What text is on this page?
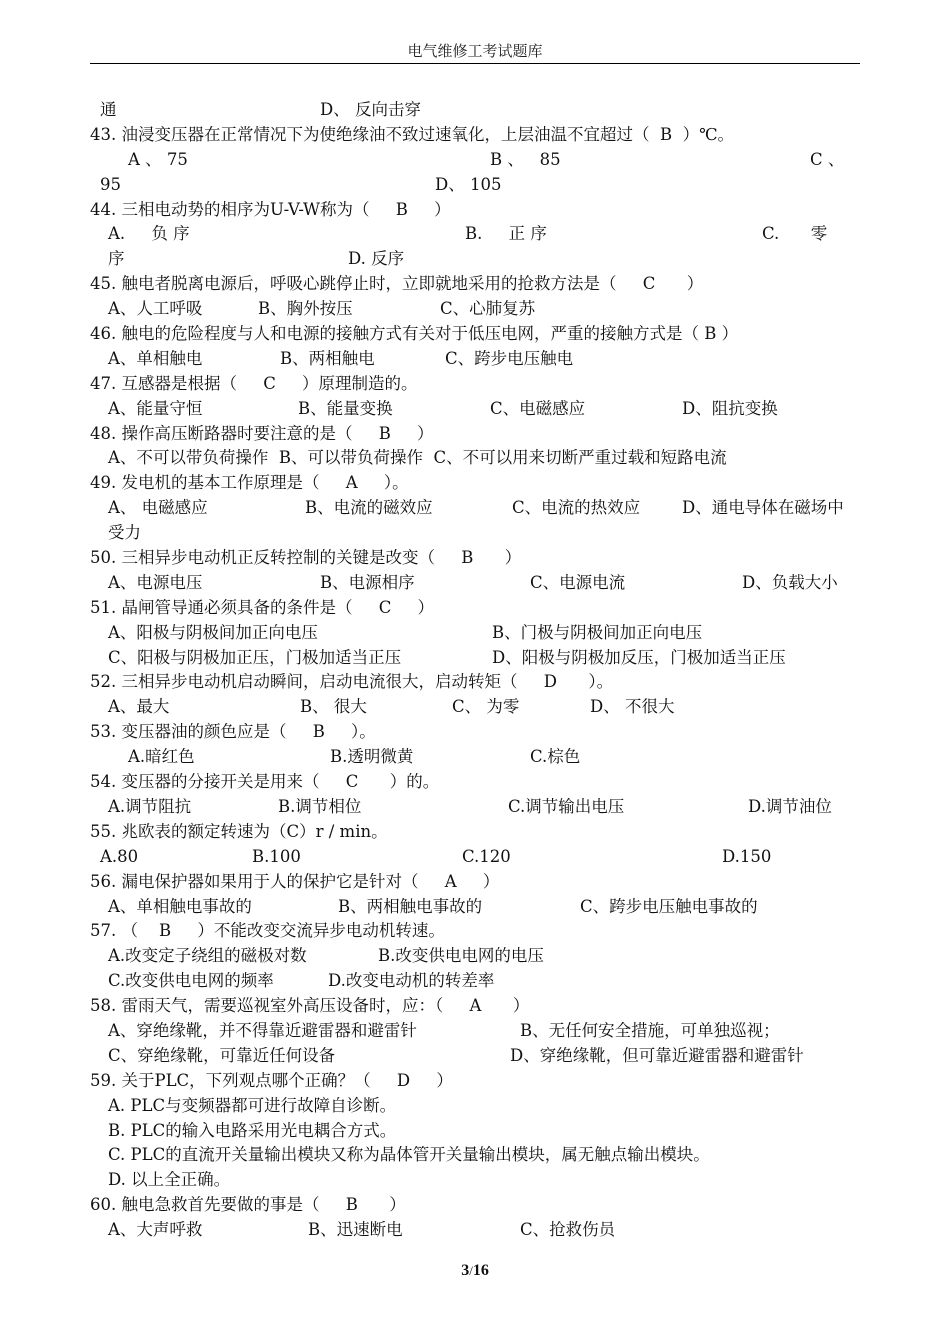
电气维修工考试题库
通	D、 反向击穿
43. 油浸变压器在正常情况下为使绝缘油不致过速氧化，上层油温不宜超过（  B  ）℃。
A 、 75	B 、   85	C 、
95	D、 105
44. 三相电动势的相序为U-V-W称为（     B     ）
A.     负 序	B.     正 序	C.      零
序	D. 反序
45. 触电者脱离电源后，呼吸心跳停止时，立即就地采用的抢救方法是（     C      ）
A、人工呼吸	B、胸外按压	C、心肺复苏
46. 触电的危险程度与人和电源的接触方式有关对于低压电网，严重的接触方式是（ B ）
A、单相触电	B、两相触电	C、跨步电压触电
47. 互感器是根据（     C     ）原理制造的。
A、能量守恒	B、能量变换	C、电磁感应	D、阻抗变换
48. 操作高压断路器时要注意的是（     B     ）
A、不可以带负荷操作  B、可以带负荷操作  C、不可以用来切断严重过载和短路电流
49. 发电机的基本工作原理是（     A     ）。
A、 电磁感应	B、电流的磁效应	C、电流的热效应	D、通电导体在磁场中
受力
50. 三相异步电动机正反转控制的关键是改变（     B      ）
A、电源电压	B、电源相序	C、电源电流	D、负载大小
51. 晶闸管导通必须具备的条件是（     C     ）
A、阳极与阴极间加正向电压	B、门极与阴极间加正向电压
C、阳极与阴极加正压，门极加适当正压	D、阳极与阴极加反压，门极加适当正压
52. 三相异步电动机启动瞬间，启动电流很大，启动转矩（     D      ）。
A、最大	B、 很大	C、 为零	D、 不很大
53. 变压器油的颜色应是（     B     ）。
A.暗红色	B.透明微黄	C.棕色
54. 变压器的分接开关是用来（     C      ）的。
A.调节阻抗	B.调节相位	C.调节输出电压	D.调节油位
55. 兆欧表的额定转速为（C）r / min。
A.80	B.100	C.120	D.150
56. 漏电保护器如果用于人的保护它是针对（     A     ）
A、单相触电事故的	B、两相触电事故的	C、跨步电压触电事故的
57. （    B     ）不能改变交流异步电动机转速。
A.改变定子绕组的磁极对数	B.改变供电电网的电压
C.改变供电电网的频率	D.改变电动机的转差率
58. 雷雨天气，需要巡视室外高压设备时，应：（     A      ）
A、穿绝缘靴，并不得靠近避雷器和避雷针	B、无任何安全措施，可单独巡视；
C、穿绝缘靴，可靠近任何设备	D、穿绝缘靴，但可靠近避雷器和避雷针
59. 关于PLC，下列观点哪个正确？（     D     ）
A. PLC与变频器都可进行故障自诊断。
B. PLC的输入电路采用光电耦合方式。
C. PLC的直流开关量输出模块又称为晶体管开关量输出模块，属无触点输出模块。
D. 以上全正确。
60. 触电急救首先要做的事是（     B      ）
A、大声呼救	B、迅速断电	C、抢救伤员
3/16
